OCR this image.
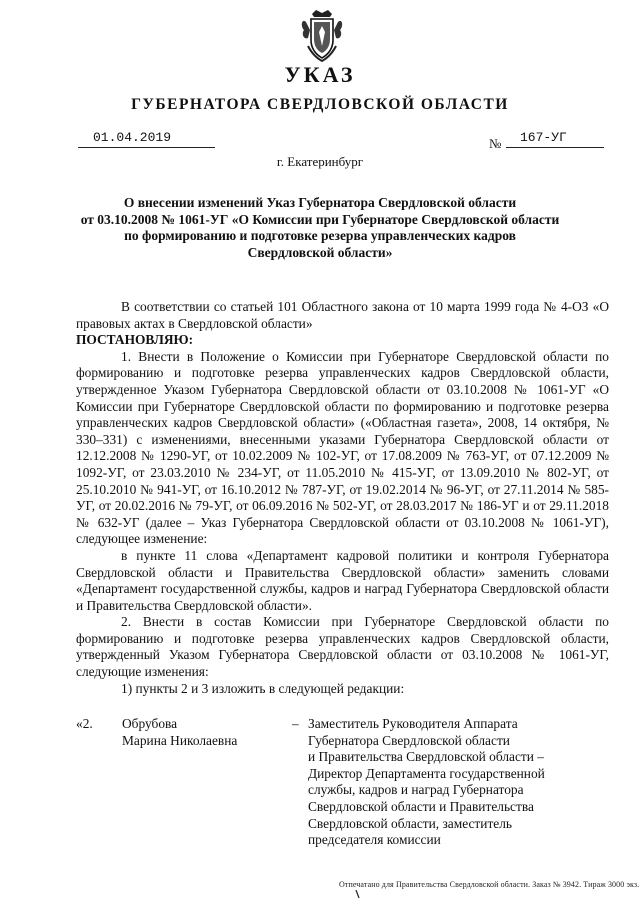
УКАЗ
ГУБЕРНАТОРА СВЕРДЛОВСКОЙ ОБЛАСТИ
01.04.2019	№	167-УГ
г. Екатеринбург
О внесении изменений Указ Губернатора Свердловской области
от 03.10.2008 № 1061-УГ «О Комиссии при Губернаторе Свердловской области
по формированию и подготовке резерва управленческих кадров
Свердловской области»

В соответствии со статьей 101 Областного закона от 10 марта 1999 года № 4-ОЗ «О правовых актах в Свердловской области»

ПОСТАНОВЛЯЮ:

1. Внести в Положение о Комиссии при Губернаторе Свердловской области по формированию и подготовке резерва управленческих кадров Свердловской области, утвержденное Указом Губернатора Свердловской области от 03.10.2008 № 1061-УГ «О Комиссии при Губернаторе Свердловской области по формированию и подготовке резерва управленческих кадров Свердловской области» («Областная газета», 2008, 14 октября, № 330–331) с изменениями, внесенными указами Губернатора Свердловской области от 12.12.2008 № 1290-УГ, от 10.02.2009 № 102-УГ, от 17.08.2009 № 763-УГ, от 07.12.2009 № 1092-УГ, от 23.03.2010 № 234-УГ, от 11.05.2010 № 415-УГ, от 13.09.2010 № 802-УГ, от 25.10.2010 № 941-УГ, от 16.10.2012 № 787-УГ, от 19.02.2014 № 96-УГ, от 27.11.2014 № 585-УГ, от 20.02.2016 № 79-УГ, от 06.09.2016 № 502-УГ, от 28.03.2017 № 186-УГ и от 29.11.2018 № 632-УГ (далее – Указ Губернатора Свердловской области от 03.10.2008 № 1061-УГ), следующее изменение:

в пункте 11 слова «Департамент кадровой политики и контроля Губернатора Свердловской области и Правительства Свердловской области» заменить словами «Департамент государственной службы, кадров и наград Губернатора Свердловской области и Правительства Свердловской области».

2. Внести в состав Комиссии при Губернаторе Свердловской области по формированию и подготовке резерва управленческих кадров Свердловской области, утвержденный Указом Губернатора Свердловской области от 03.10.2008 № 1061-УГ, следующие изменения:

1) пункты 2 и 3 изложить в следующей редакции:

«2. Обрубова
Марина Николаевна
– Заместитель Руководителя Аппарата
Губернатора Свердловской области
и Правительства Свердловской области –
Директор Департамента государственной
службы, кадров и наград Губернатора
Свердловской области и Правительства
Свердловской области, заместитель
председателя комиссии
Отпечатано для Правительства Свердловской области. Заказ № 3942. Тираж 3000 экз.
